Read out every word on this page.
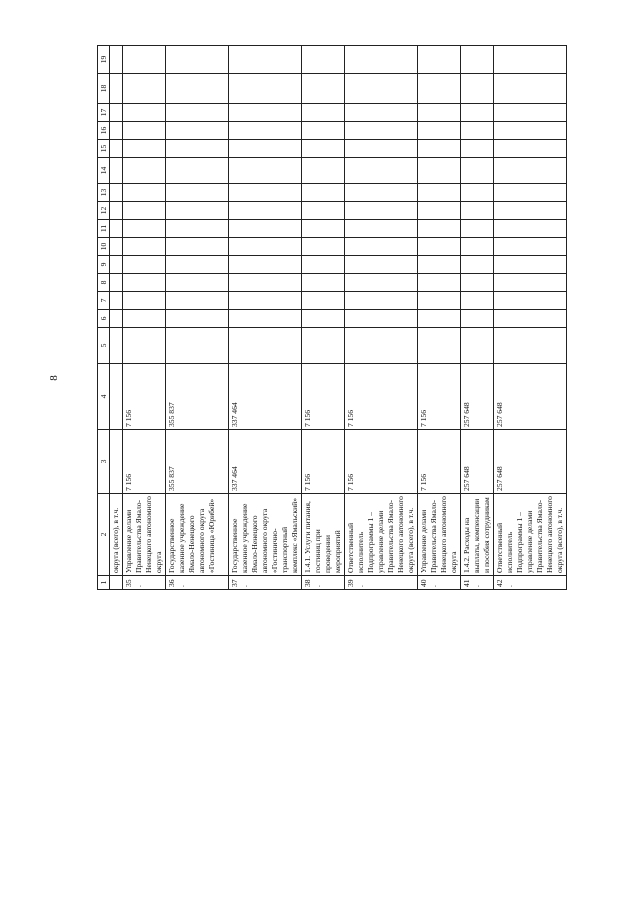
8
1	2	3	4	5	6	7	8	9	10	11	12	13	14	15	16	17	18	19
	округа (всего), в т.ч.																	
35.	Управление делами Правительства Ямало-Ненецкого автономного округа	7 156	7 156															
36.	Государственное казенное учреждение Ямало-Ненецкого автономного округа «Гостиница «Юрибей»	355 837	355 837															
37.	Государственное казенное учреждение Ямало-Ненецкого автономного округа «Гостинично-транспортный комплекс «Ямальский»	337 464	337 464															
38.	1.4.1. Услуги питания, гостиниц при проведении мероприятий	7 156	7 156															
39.	Ответственный исполнитель Подпрограммы 1 – управление делами Правительства Ямало-Ненецкого автономного округа (всего), в т.ч.	7 156	7 156															
40.	Управление делами Правительства Ямало-Ненецкого автономного округа	7 156	7 156															
41.	1.4.2. Расходы на выплаты, компенсации и пособия сотрудникам	257 648	257 648															
42.	Ответственный исполнитель Подпрограммы 1 – управление делами Правительства Ямало-Ненецкого автономного округа (всего), в т.ч.	257 648	257 648															
